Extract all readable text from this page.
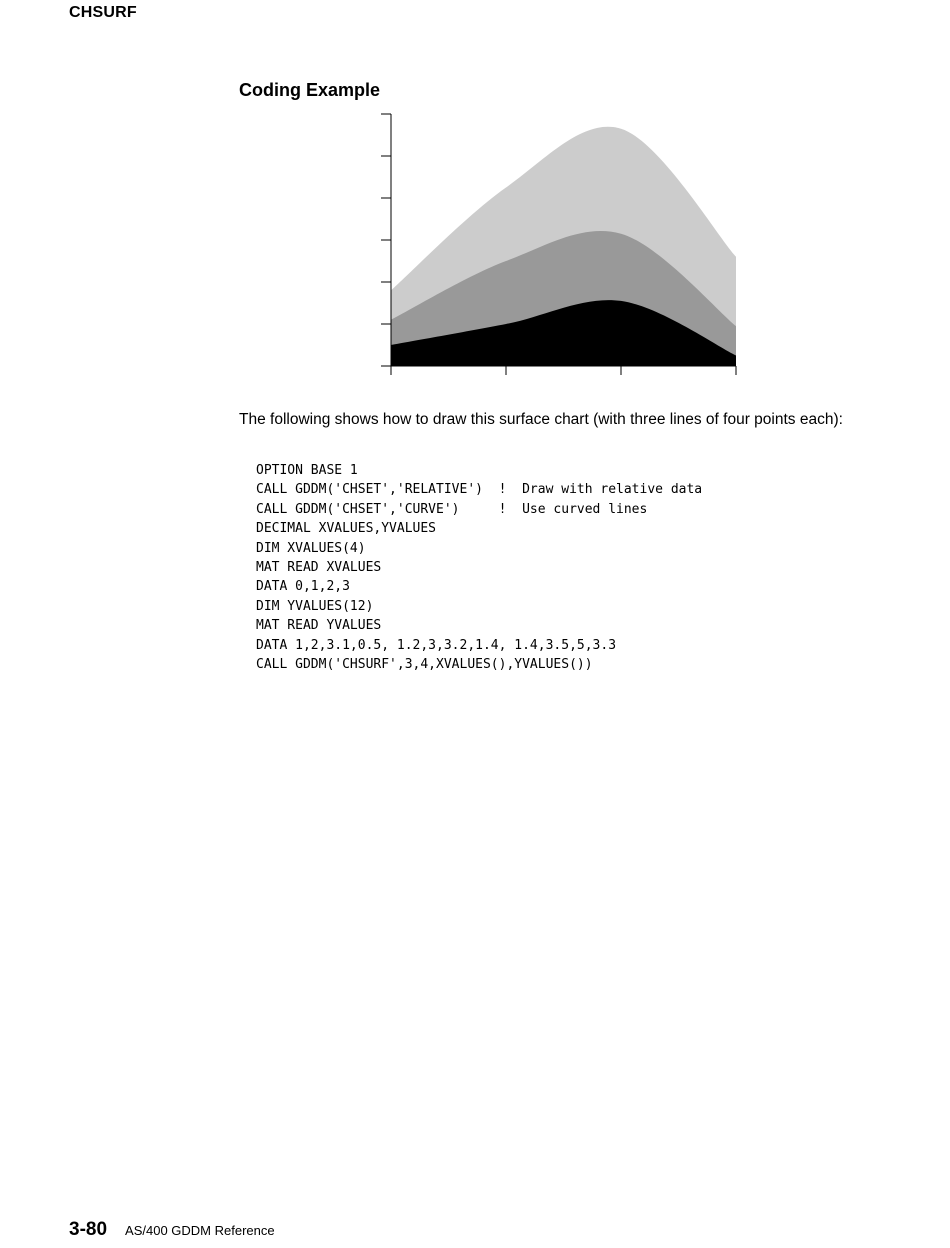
CHSURF
Coding Example
The following shows how to draw this surface chart (with three lines of four points each):
OPTION BASE 1
CALL GDDM('CHSET','RELATIVE')  !  Draw with relative data
CALL GDDM('CHSET','CURVE')     !  Use curved lines
DECIMAL XVALUES,YVALUES
DIM XVALUES(4)
MAT READ XVALUES
DATA 0,1,2,3
DIM YVALUES(12)
MAT READ YVALUES
DATA 1,2,3.1,0.5, 1.2,3,3.2,1.4, 1.4,3.5,5,3.3
CALL GDDM('CHSURF',3,4,XVALUES(),YVALUES())
3-80 AS/400 GDDM Reference
